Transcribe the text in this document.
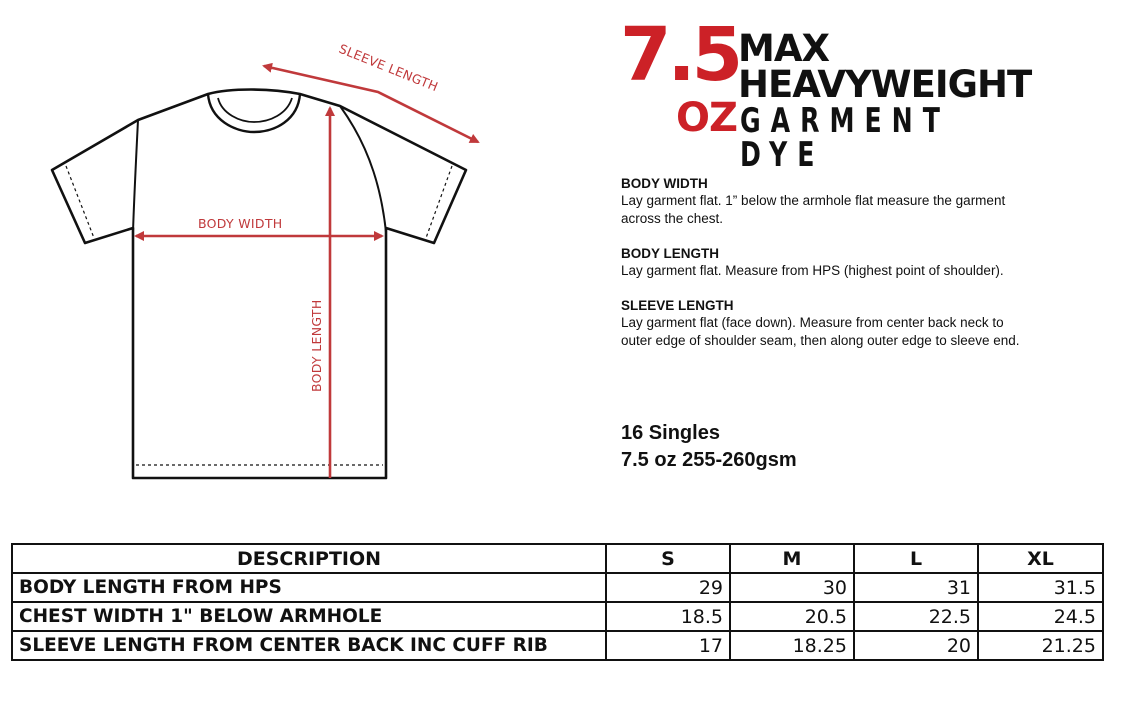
SLEEVE LENGTH
BODY WIDTH
BODY LENGTH
7.5
OZ
MAX
HEAVYWEIGHT
GARMENT DYE
BODY WIDTH
Lay garment flat. 1” below the armhole flat measure the garment across the chest.
BODY LENGTH
Lay garment flat. Measure from HPS (highest point of shoulder).
SLEEVE LENGTH
Lay garment flat (face down). Measure from center back neck to outer edge of shoulder seam, then along outer edge to sleeve end.
16 Singles
7.5 oz 255-260gsm
DESCRIPTION	S	M	L	XL
BODY LENGTH FROM HPS	29	30	31	31.5
CHEST WIDTH 1" BELOW ARMHOLE	18.5	20.5	22.5	24.5
SLEEVE LENGTH FROM CENTER BACK INC CUFF RIB	17	18.25	20	21.25
